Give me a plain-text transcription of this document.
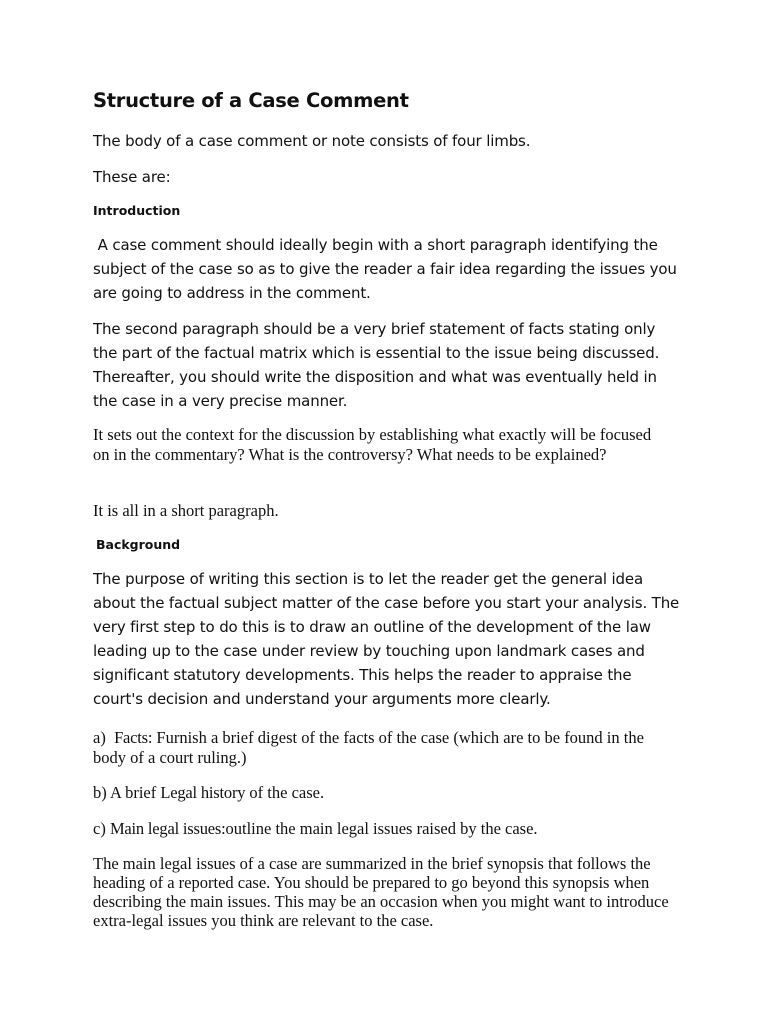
Structure of a Case Comment

The body of a case comment or note consists of four limbs.

These are:

Introduction

A case comment should ideally begin with a short paragraph identifying the subject of the case so as to give the reader a fair idea regarding the issues you are going to address in the comment.

The second paragraph should be a very brief statement of facts stating only the part of the factual matrix which is essential to the issue being discussed. Thereafter, you should write the disposition and what was eventually held in the case in a very precise manner.

It sets out the context for the discussion by establishing what exactly will be focused on in the commentary? What is the controversy? What needs to be explained?

It is all in a short paragraph.

Background

The purpose of writing this section is to let the reader get the general idea about the factual subject matter of the case before you start your analysis. The very first step to do this is to draw an outline of the development of the law leading up to the case under review by touching upon landmark cases and significant statutory developments. This helps the reader to appraise the court's decision and understand your arguments more clearly.

a)  Facts: Furnish a brief digest of the facts of the case (which are to be found in the body of a court ruling.)

b) A brief Legal history of the case.

c) Main legal issues:outline the main legal issues raised by the case.

The main legal issues of a case are summarized in the brief synopsis that follows the heading of a reported case. You should be prepared to go beyond this synopsis when describing the main issues. This may be an occasion when you might want to introduce extra-legal issues you think are relevant to the case.
